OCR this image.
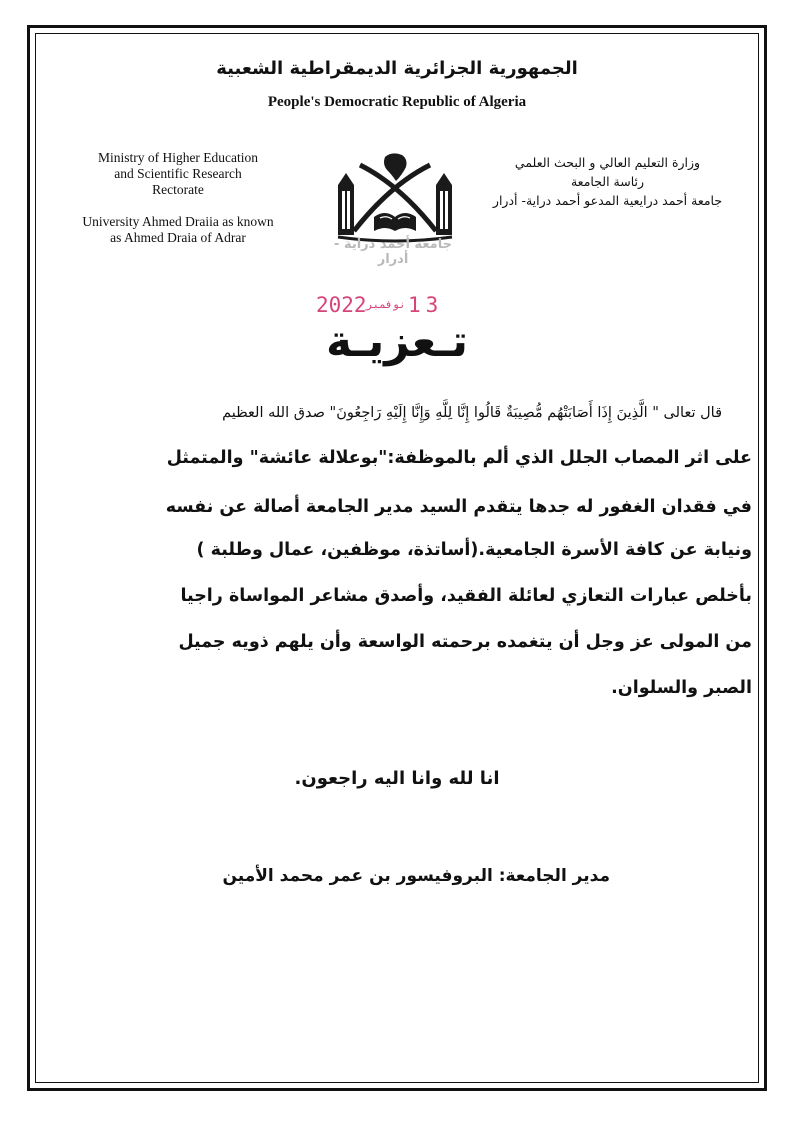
الجمهورية الجزائرية الديمقراطية الشعبية
People's Democratic Republic of Algeria
Ministry of Higher Education
and Scientific Research
Rectorate
University Ahmed Draiia as known
as Ahmed Draia of Adrar
وزارة التعليم العالي و البحث العلمي
رئاسة الجامعة
جامعة أحمد درايعية المدعو أحمد دراية- أدرار
جامعة أحمد دراية - أدرار
2022 نوفمبر 13
تـعزيـة
قال تعالى " الَّذِينَ إِذَا أَصَابَتْهُم مُّصِيبَةٌ قَالُوا إِنَّا لِلَّهِ وَإِنَّا إِلَيْهِ رَاجِعُونَ" صدق الله العظيم
على اثر المصاب الجلل الذي ألم بالموظفة:"بوعلالة عائشة" والمتمثل
في فقدان الغفور له جدها يتقدم السيد مدير الجامعة أصالة عن نفسه
ونيابة عن كافة الأسرة الجامعية.(أساتذة، موظفين، عمال وطلبة )
بأخلص عبارات التعازي لعائلة الفقيد، وأصدق مشاعر المواساة راجيا
من المولى عز وجل أن يتغمده برحمته الواسعة وأن يلهم ذويه جميل
الصبر والسلوان.
انا لله وانا اليه راجعون.
مدير الجامعة: البروفيسور بن عمر محمد الأمين
